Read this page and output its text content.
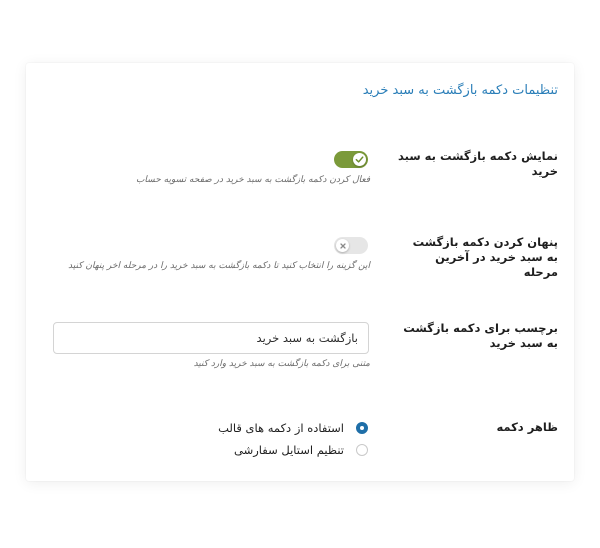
تنظیمات دکمه بازگشت به سبد خرید
نمایش دکمه بازگشت به سبد خرید
فعال کردن دکمه بازگشت به سبد خرید در صفحه تسویه حساب
پنهان کردن دکمه بازگشت به سبد خرید در آخرین مرحله
این گزینه را انتخاب کنید تا دکمه بازگشت به سبد خرید را در مرحله اخر پنهان کنید
برچسب برای دکمه بازگشت به سبد خرید
بازگشت به سبد خرید
متنی برای دکمه بازگشت به سبد خرید وارد کنید
ظاهر دکمه
استفاده از دکمه های قالب
تنظیم استایل سفارشی
